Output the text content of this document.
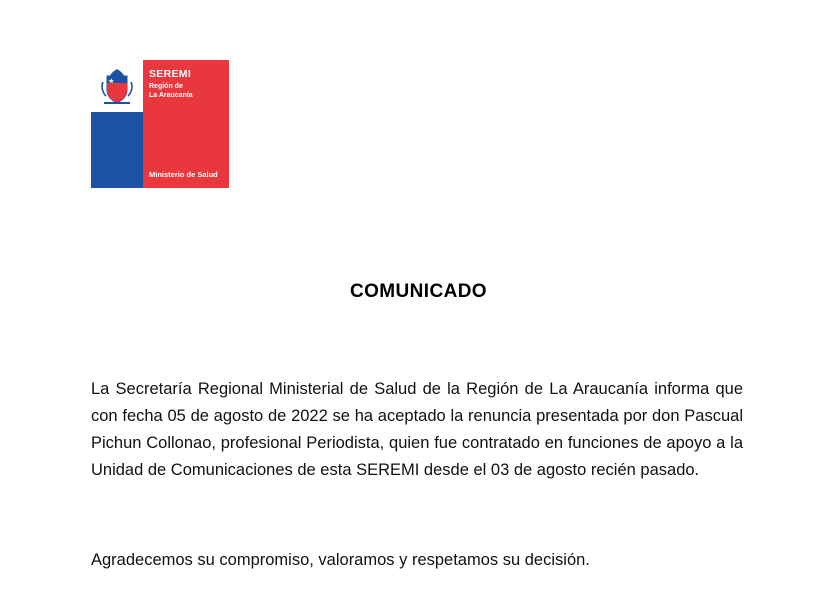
SEREMI
Región de
La Araucanía
Ministerio de Salud
COMUNICADO
La Secretaría Regional Ministerial de Salud de la Región de La Araucanía informa que con fecha 05 de agosto de 2022 se ha aceptado la renuncia presentada por don Pascual Pichun Collonao, profesional Periodista, quien fue contratado en funciones de apoyo a la Unidad de Comunicaciones de esta SEREMI desde el 03 de agosto recién pasado.
Agradecemos su compromiso, valoramos y respetamos su decisión.
